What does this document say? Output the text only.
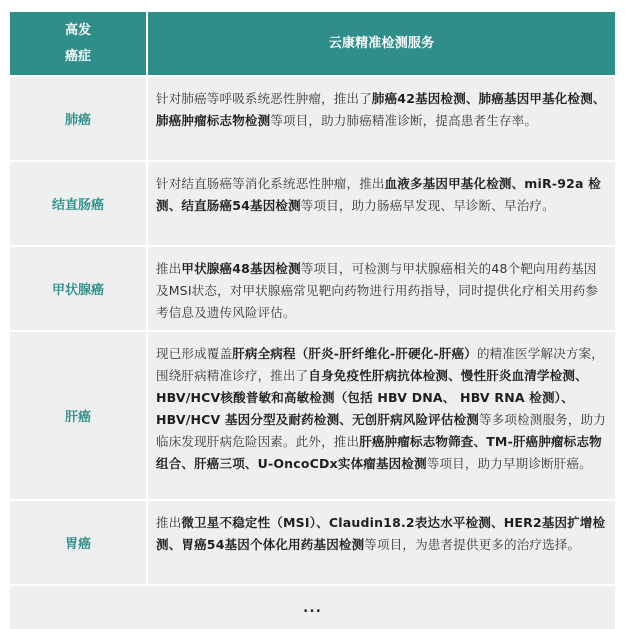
高发
癌症
云康精准检测服务
肺癌
针对肺癌等呼吸系统恶性肿瘤，推出了肺癌42基因检测、肺癌基因甲基化检测、肺癌肿瘤标志物检测等项目，助力肺癌精准诊断，提高患者生存率。
结直肠癌
针对结直肠癌等消化系统恶性肿瘤，推出血液多基因甲基化检测、miR-92a 检测、结直肠癌54基因检测等项目，助力肠癌早发现、早诊断、早治疗。
甲状腺癌
推出甲状腺癌48基因检测等项目，可检测与甲状腺癌相关的48个靶向用药基因及MSI状态，对甲状腺癌常见靶向药物进行用药指导，同时提供化疗相关用药参考信息及遗传风险评估。
肝癌
现已形成覆盖肝病全病程（肝炎-肝纤维化-肝硬化-肝癌）的精准医学解决方案，围绕肝病精准诊疗，推出了自身免疫性肝病抗体检测、慢性肝炎血清学检测、HBV/HCV核酸普敏和高敏检测（包括 HBV DNA、 HBV RNA 检测）、HBV/HCV 基因分型及耐药检测、无创肝病风险评估检测等多项检测服务，助力临床发现肝病危险因素。此外，推出肝癌肿瘤标志物筛查、TM-肝癌肿瘤标志物组合、肝癌三项、U-OncoCDx实体瘤基因检测等项目，助力早期诊断肝癌。
胃癌
推出微卫星不稳定性（MSI）、Claudin18.2表达水平检测、HER2基因扩增检测、胃癌54基因个体化用药基因检测等项目，为患者提供更多的治疗选择。
...
